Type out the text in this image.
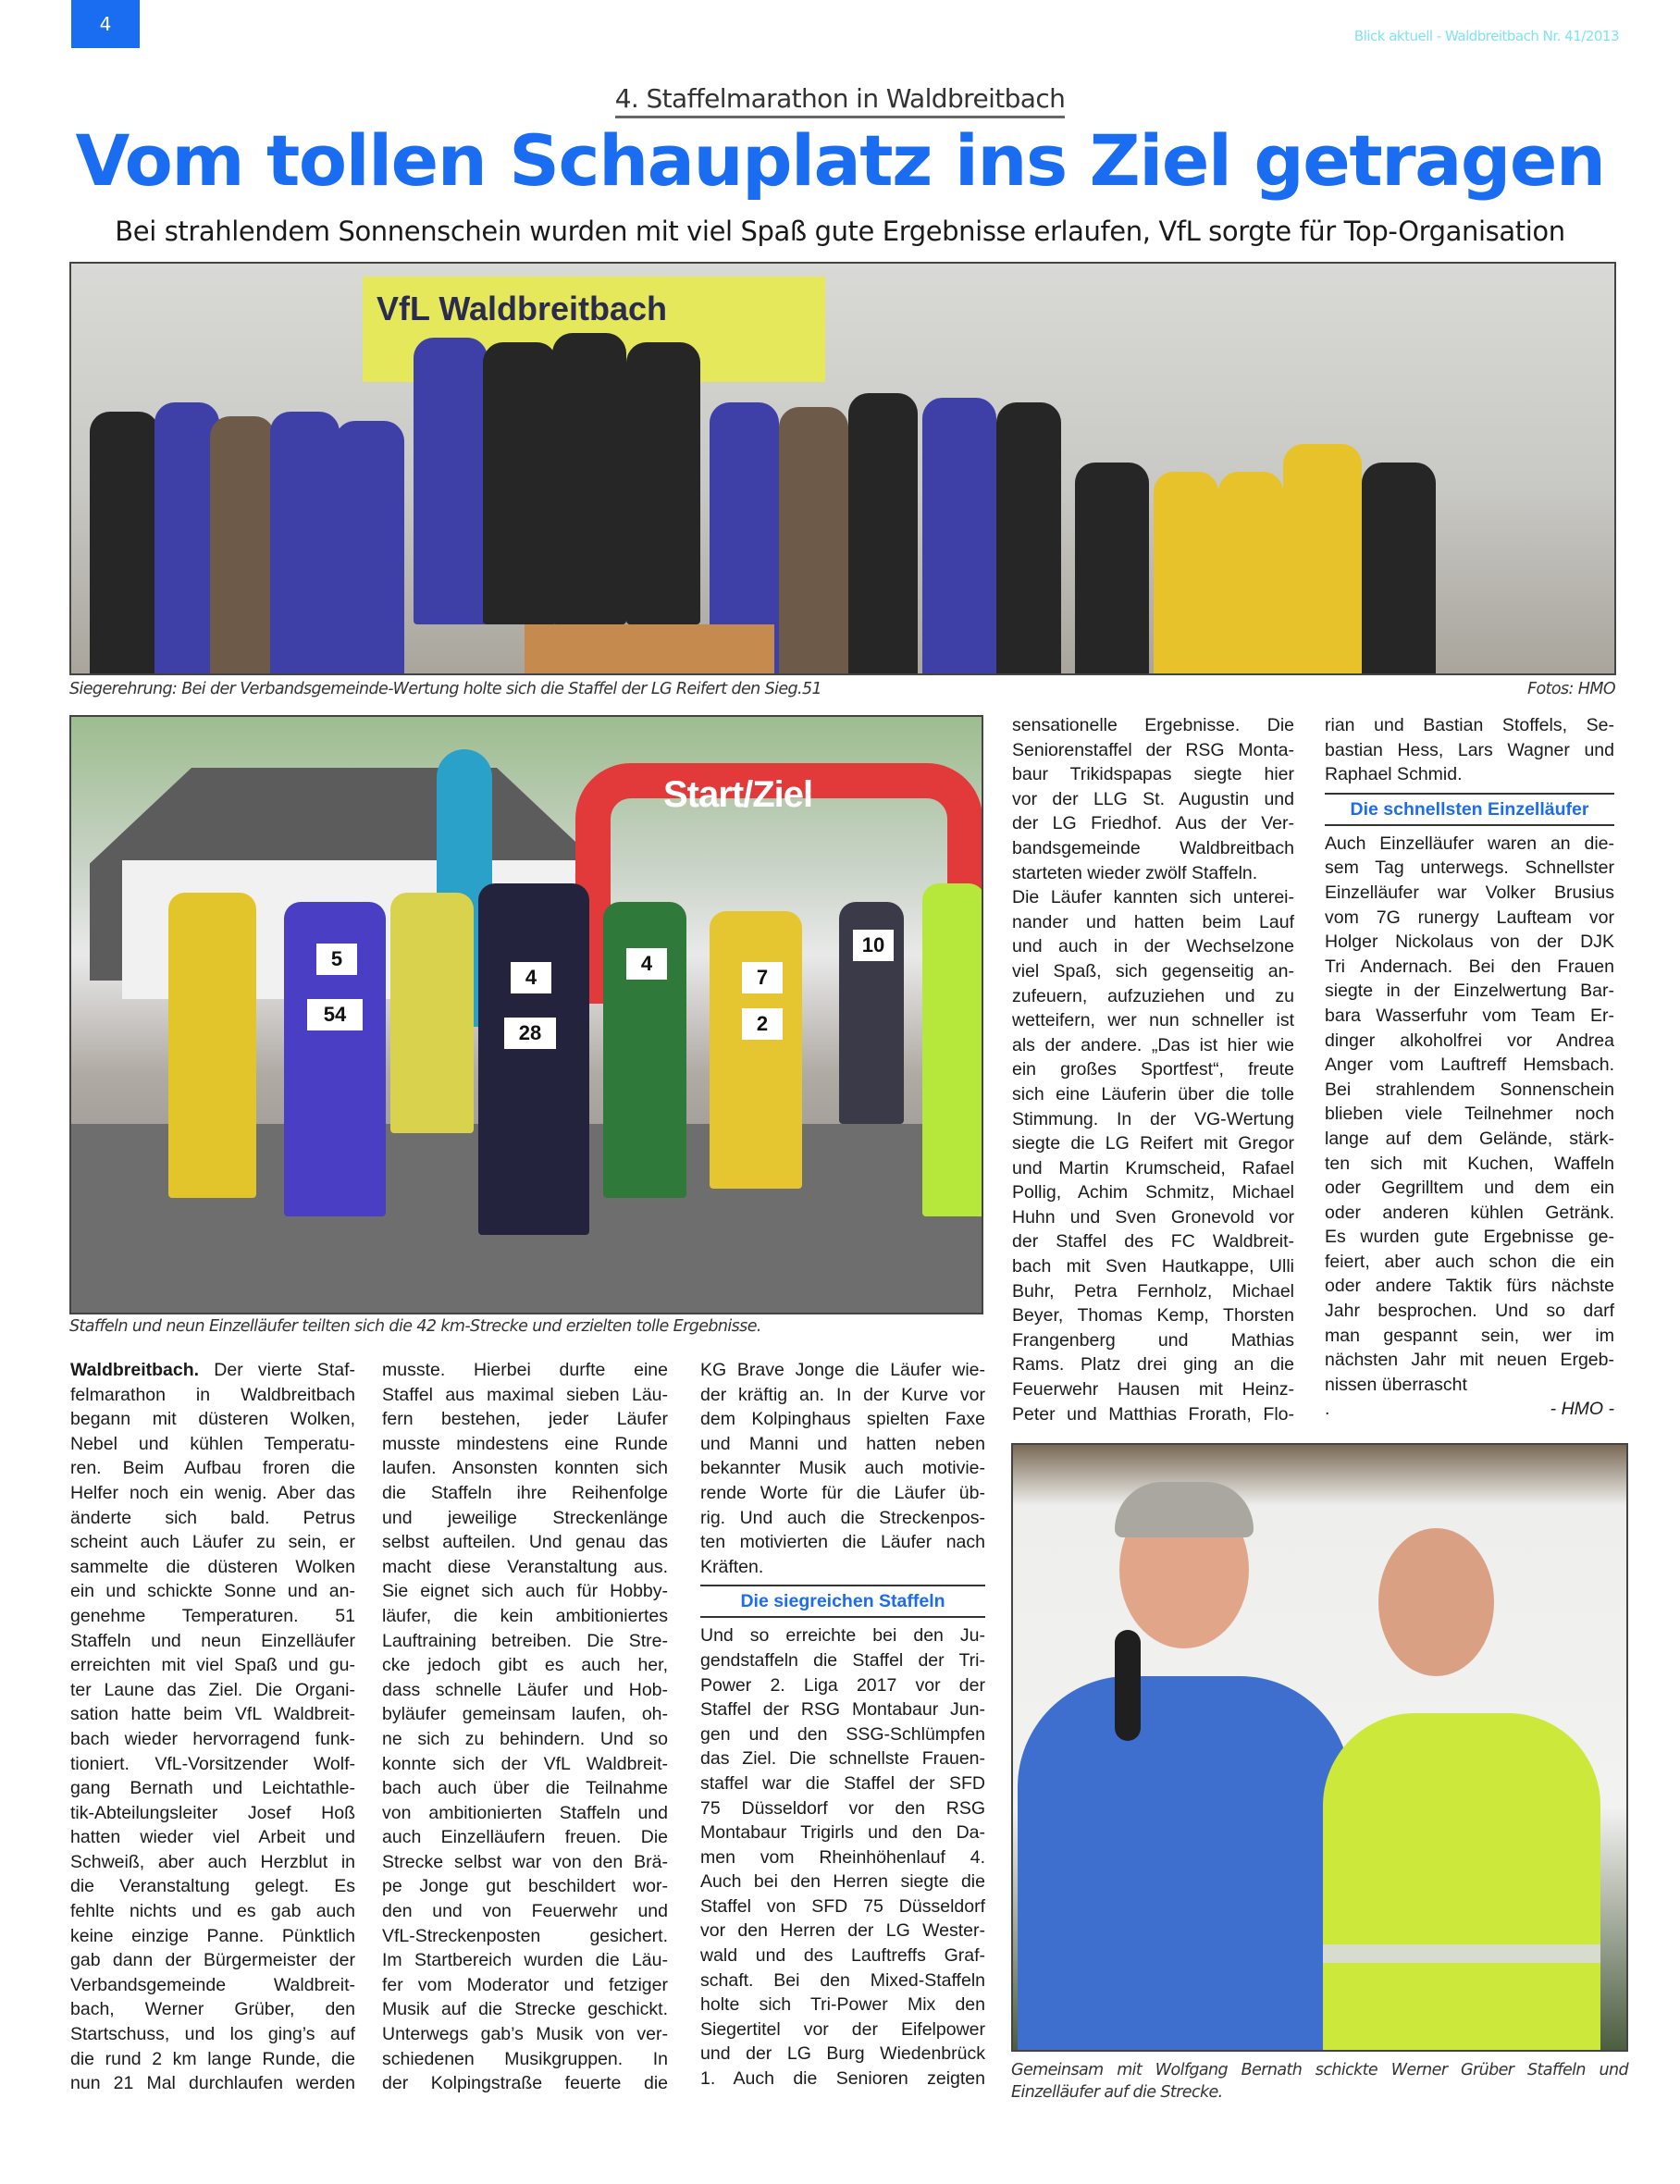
4
Blick aktuell - Waldbreitbach Nr. 41/2013
4. Staffelmarathon in Waldbreitbach
Vom tollen Schauplatz ins Ziel getragen
Bei strahlendem Sonnenschein wurden mit viel Spaß gute Ergebnisse erlaufen, VfL sorgte für Top-Organisation
VfL Waldbreitbach
Siegerehrung: Bei der Verbandsgemeinde-Wertung holte sich die Staffel der LG Reifert den Sieg.51	Fotos: HMO
Start/Ziel
5
54
4
28
4
7
2
10
Staffeln und neun Einzelläufer teilten sich die 42 km-Strecke und erzielten tolle Ergebnisse.
Waldbreitbach. Der vierte Staf-
felmarathon in Waldbreitbach
begann mit düsteren Wolken,
Nebel und kühlen Temperatu-
ren. Beim Aufbau froren die
Helfer noch ein wenig. Aber das
änderte sich bald. Petrus
scheint auch Läufer zu sein, er
sammelte die düsteren Wolken
ein und schickte Sonne und an-
genehme Temperaturen. 51
Staffeln und neun Einzelläufer
erreichten mit viel Spaß und gu-
ter Laune das Ziel. Die Organi-
sation hatte beim VfL Waldbreit-
bach wieder hervorragend funk-
tioniert. VfL-Vorsitzender Wolf-
gang Bernath und Leichtathle-
tik-Abteilungsleiter Josef Hoß
hatten wieder viel Arbeit und
Schweiß, aber auch Herzblut in
die Veranstaltung gelegt. Es
fehlte nichts und es gab auch
keine einzige Panne. Pünktlich
gab dann der Bürgermeister der
Verbandsgemeinde Waldbreit-
bach, Werner Grüber, den
Startschuss, und los ging’s auf
die rund 2 km lange Runde, die
nun 21 Mal durchlaufen werden
musste. Hierbei durfte eine
Staffel aus maximal sieben Läu-
fern bestehen, jeder Läufer
musste mindestens eine Runde
laufen. Ansonsten konnten sich
die Staffeln ihre Reihenfolge
und jeweilige Streckenlänge
selbst aufteilen. Und genau das
macht diese Veranstaltung aus.
Sie eignet sich auch für Hobby-
läufer, die kein ambitioniertes
Lauftraining betreiben. Die Stre-
cke jedoch gibt es auch her,
dass schnelle Läufer und Hob-
byläufer gemeinsam laufen, oh-
ne sich zu behindern. Und so
konnte sich der VfL Waldbreit-
bach auch über die Teilnahme
von ambitionierten Staffeln und
auch Einzelläufern freuen. Die
Strecke selbst war von den Brä-
pe Jonge gut beschildert wor-
den und von Feuerwehr und
VfL-Streckenposten gesichert.
Im Startbereich wurden die Läu-
fer vom Moderator und fetziger
Musik auf die Strecke geschickt.
Unterwegs gab’s Musik von ver-
schiedenen Musikgruppen. In
der Kolpingstraße feuerte die
KG Brave Jonge die Läufer wie-
der kräftig an. In der Kurve vor
dem Kolpinghaus spielten Faxe
und Manni und hatten neben
bekannter Musik auch motivie-
rende Worte für die Läufer üb-
rig. Und auch die Streckenpos-
ten motivierten die Läufer nach
Kräften.
Die siegreichen Staffeln
Und so erreichte bei den Ju-
gendstaffeln die Staffel der Tri-
Power 2. Liga 2017 vor der
Staffel der RSG Montabaur Jun-
gen und den SSG-Schlümpfen
das Ziel. Die schnellste Frauen-
staffel war die Staffel der SFD
75 Düsseldorf vor den RSG
Montabaur Trigirls und den Da-
men vom Rheinhöhenlauf 4.
Auch bei den Herren siegte die
Staffel von SFD 75 Düsseldorf
vor den Herren der LG Wester-
wald und des Lauftreffs Graf-
schaft. Bei den Mixed-Staffeln
holte sich Tri-Power Mix den
Siegertitel vor der Eifelpower
und der LG Burg Wiedenbrück
1. Auch die Senioren zeigten
sensationelle Ergebnisse. Die
Seniorenstaffel der RSG Monta-
baur Trikidspapas siegte hier
vor der LLG St. Augustin und
der LG Friedhof. Aus der Ver-
bandsgemeinde Waldbreitbach
starteten wieder zwölf Staffeln.
Die Läufer kannten sich unterei-
nander und hatten beim Lauf
und auch in der Wechselzone
viel Spaß, sich gegenseitig an-
zufeuern, aufzuziehen und zu
wetteifern, wer nun schneller ist
als der andere. „Das ist hier wie
ein großes Sportfest“, freute
sich eine Läuferin über die tolle
Stimmung. In der VG-Wertung
siegte die LG Reifert mit Gregor
und Martin Krumscheid, Rafael
Pollig, Achim Schmitz, Michael
Huhn und Sven Gronevold vor
der Staffel des FC Waldbreit-
bach mit Sven Hautkappe, Ulli
Buhr, Petra Fernholz, Michael
Beyer, Thomas Kemp, Thorsten
Frangenberg und Mathias
Rams. Platz drei ging an die
Feuerwehr Hausen mit Heinz-
Peter und Matthias Frorath, Flo-
rian und Bastian Stoffels, Se-
bastian Hess, Lars Wagner und
Raphael Schmid.
Die schnellsten Einzelläufer
Auch Einzelläufer waren an die-
sem Tag unterwegs. Schnellster
Einzelläufer war Volker Brusius
vom 7G runergy Laufteam vor
Holger Nickolaus von der DJK
Tri Andernach. Bei den Frauen
siegte in der Einzelwertung Bar-
bara Wasserfuhr vom Team Er-
dinger alkoholfrei vor Andrea
Anger vom Lauftreff Hemsbach.
Bei strahlendem Sonnenschein
blieben viele Teilnehmer noch
lange auf dem Gelände, stärk-
ten sich mit Kuchen, Waffeln
oder Gegrilltem und dem ein
oder anderen kühlen Getränk.
Es wurden gute Ergebnisse ge-
feiert, aber auch schon die ein
oder andere Taktik fürs nächste
Jahr besprochen. Und so darf
man gespannt sein, wer im
nächsten Jahr mit neuen Ergeb-
nissen überrascht
.	- HMO -
Gemeinsam mit Wolfgang Bernath schickte Werner Grüber Staffeln und Einzelläufer auf die Strecke.
